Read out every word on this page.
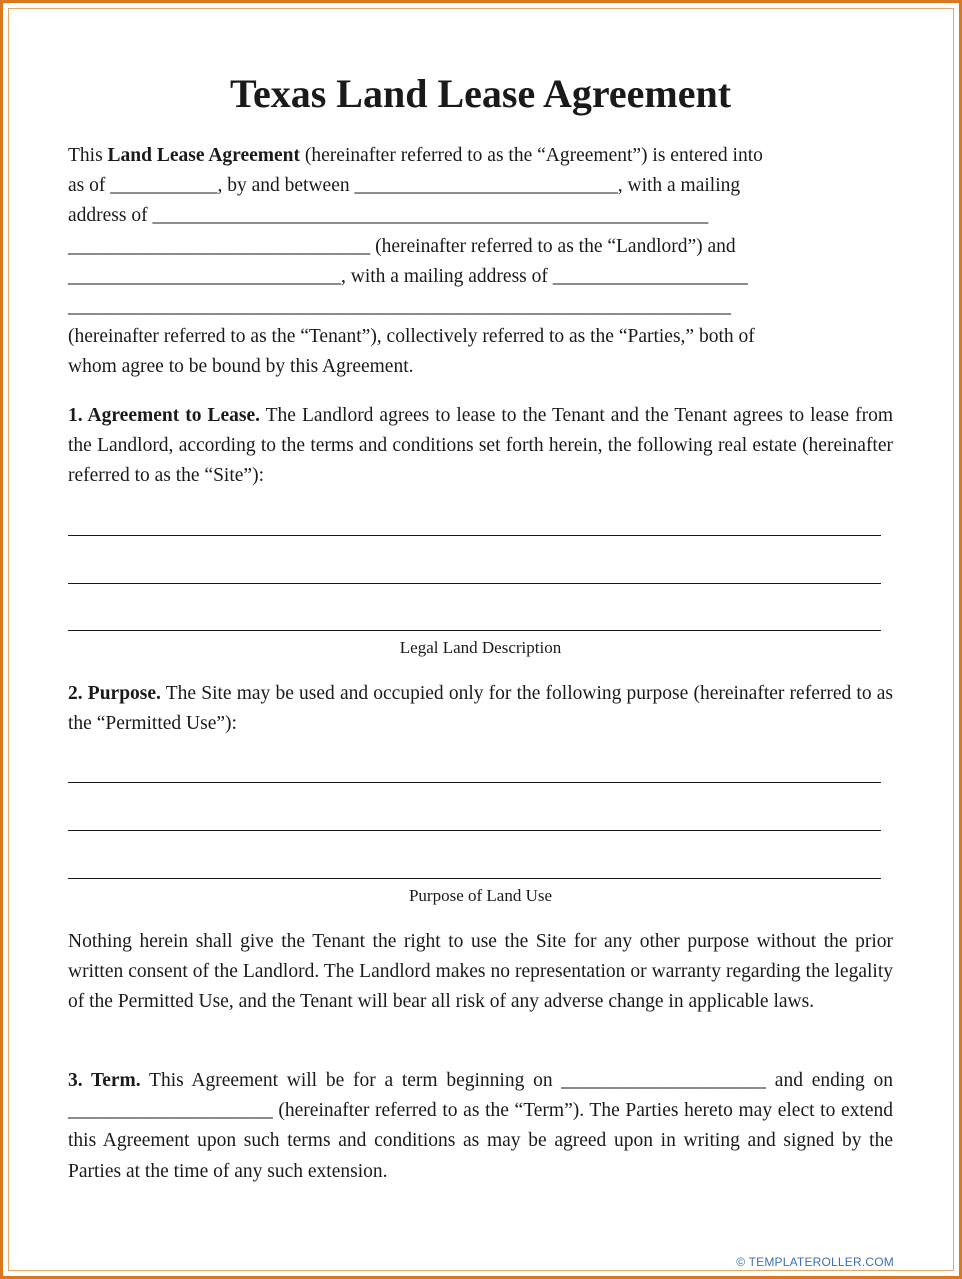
Texas Land Lease Agreement
This Land Lease Agreement (hereinafter referred to as the “Agreement”) is entered into
as of ___________, by and between ___________________________, with a mailing
address of _________________________________________________________
_______________________________ (hereinafter referred to as the “Landlord”) and
____________________________, with a mailing address of ____________________
____________________________________________________________________
(hereinafter referred to as the “Tenant”), collectively referred to as the “Parties,” both of
whom agree to be bound by this Agreement.

1. Agreement to Lease. The Landlord agrees to lease to the Tenant and the Tenant agrees to lease from the Landlord, according to the terms and conditions set forth herein, the following real estate (hereinafter referred to as the “Site”):

Legal Land Description

2. Purpose. The Site may be used and occupied only for the following purpose (hereinafter referred to as the “Permitted Use”):

Purpose of Land Use

Nothing herein shall give the Tenant the right to use the Site for any other purpose without the prior written consent of the Landlord. The Landlord makes no representation or warranty regarding the legality of the Permitted Use, and the Tenant will bear all risk of any adverse change in applicable laws.

3. Term. This Agreement will be for a term beginning on _____________________ and ending on _____________________ (hereinafter referred to as the “Term”). The Parties hereto may elect to extend this Agreement upon such terms and conditions as may be agreed upon in writing and signed by the Parties at the time of any such extension.

© TEMPLATEROLLER.COM
